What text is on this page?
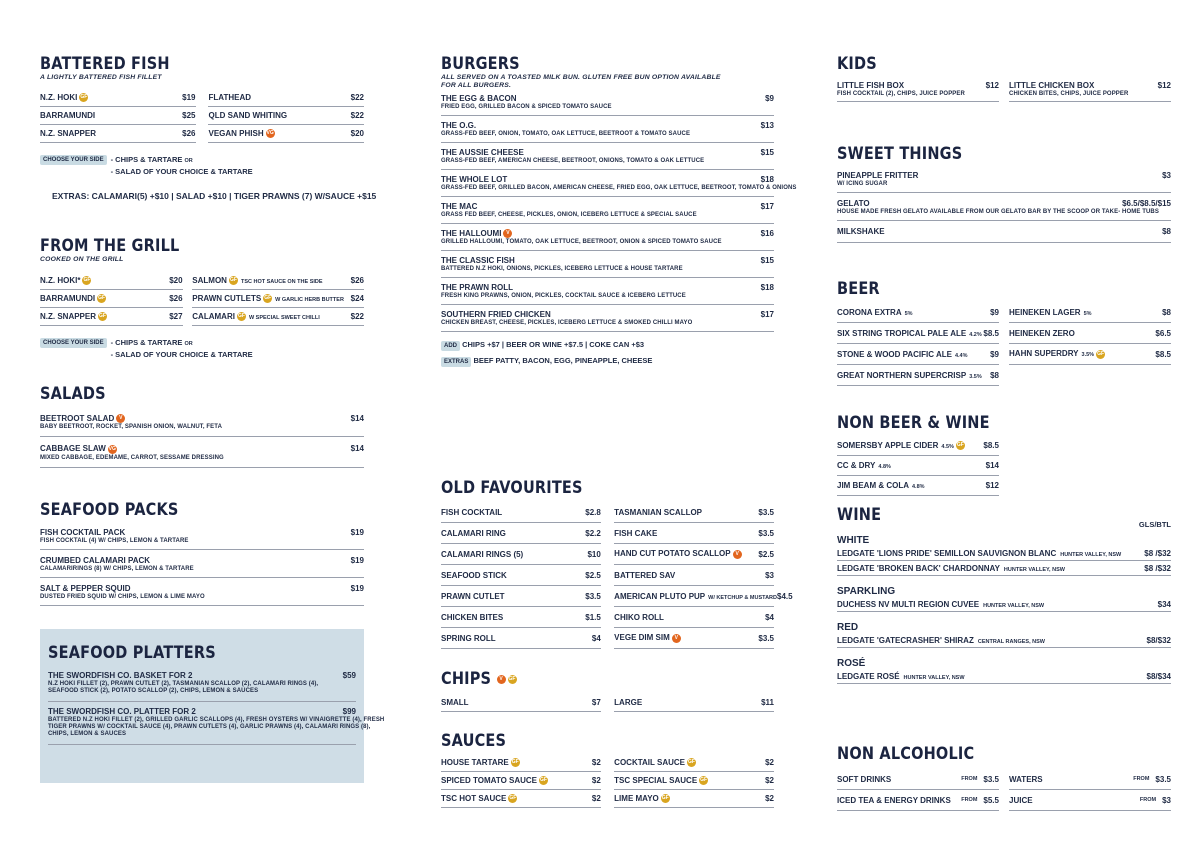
BATTERED FISH
A LIGHTLY BATTERED FISH FILLET
N.Z. HOKI GF	$19
BARRAMUNDI	$25
N.Z. SNAPPER	$26
FLATHEAD	$22
QLD SAND WHITING	$22
VEGAN PHISH VG	$20
CHOOSE YOUR SIDE - CHIPS & TARTARE OR
- SALAD OF YOUR CHOICE & TARTARE
EXTRAS: CALAMARI(5) +$10 | SALAD +$10 | TIGER PRAWNS (7) W/SAUCE +$15
FROM THE GRILL
COOKED ON THE GRILL
N.Z. HOKI* GF	$20
BARRAMUNDI GF	$26
N.Z. SNAPPER GF	$27
SALMON GF TSC HOT SAUCE ON THE SIDE	$26
PRAWN CUTLETS GF W GARLIC HERB BUTTER $24
CALAMARI GF W SPECIAL SWEET CHILLI	$22
CHOOSE YOUR SIDE - CHIPS & TARTARE OR
- SALAD OF YOUR CHOICE & TARTARE
SALADS
BEETROOT SALAD V	$14
BABY BEETROOT, ROCKET, SPANISH ONION, WALNUT, FETA
CABBAGE SLAW VG	$14
MIXED CABBAGE, EDEMAME, CARROT, SESSAME DRESSING
SEAFOOD PACKS
FISH COCKTAIL PACK	$19
FISH COCKTAIL (4) W/ CHIPS, LEMON & TARTARE
CRUMBED CALAMARI PACK	$19
CALAMARIRINGS (8) W/ CHIPS, LEMON & TARTARE
SALT & PEPPER SQUID	$19
DUSTED FRIED SQUID W/ CHIPS, LEMON & LIME MAYO
SEAFOOD PLATTERS
THE SWORDFISH CO. BASKET FOR 2	$59
N.Z HOKI FILLET (2), PRAWN CUTLET (2), TASMANIAN SCALLOP (2), CALAMARI RINGS (4),
SEAFOOD STICK (2), POTATO SCALLOP (2), CHIPS, LEMON & SAUCES
THE SWORDFISH CO. PLATTER FOR 2	$99
BATTERED N.Z HOKI FILLET (2), GRILLED GARLIC SCALLOPS (4), FRESH OYSTERS W/ VINAIGRETTE (4), FRESH
TIGER PRAWNS W/ COCKTAIL SAUCE (4), PRAWN CUTLETS (4), GARLIC PRAWNS (4), CALAMARI RINGS (8),
CHIPS, LEMON & SAUCES
BURGERS
ALL SERVED ON A TOASTED MILK BUN. GLUTEN FREE BUN OPTION AVAILABLE
FOR ALL BURGERS.
THE EGG & BACON	$9
FRIED EGG, GRILLED BACON & SPICED TOMATO SAUCE
THE O.G.	$13
GRASS-FED BEEF, ONION, TOMATO, OAK LETTUCE, BEETROOT & TOMATO SAUCE
THE AUSSIE CHEESE	$15
GRASS-FED BEEF, AMERICAN CHEESE, BEETROOT, ONIONS, TOMATO & OAK LETTUCE
THE WHOLE LOT	$18
GRASS-FED BEEF, GRILLED BACON, AMERICAN CHEESE, FRIED EGG, OAK LETTUCE, BEETROOT, TOMATO & ONIONS
THE MAC	$17
GRASS FED BEEF, CHEESE, PICKLES, ONION, ICEBERG LETTUCE & SPECIAL SAUCE
THE HALLOUMI V	$16
GRILLED HALLOUMI, TOMATO, OAK LETTUCE, BEETROOT, ONION & SPICED TOMATO SAUCE
THE CLASSIC FISH	$15
BATTERED N.Z HOKI, ONIONS, PICKLES, ICEBERG LETTUCE & HOUSE TARTARE
THE PRAWN ROLL	$18
FRESH KING PRAWNS, ONION, PICKLES, COCKTAIL SAUCE & ICEBERG LETTUCE
SOUTHERN FRIED CHICKEN	$17
CHICKEN BREAST, CHEESE, PICKLES, ICEBERG LETTUCE & SMOKED CHILLI MAYO
ADD CHIPS +$7 | BEER OR WINE +$7.5 | COKE CAN +$3
EXTRAS BEEF PATTY, BACON, EGG, PINEAPPLE, CHEESE
OLD FAVOURITES
FISH COCKTAIL	$2.8
CALAMARI RING	$2.2
CALAMARI RINGS (5)	$10
SEAFOOD STICK	$2.5
PRAWN CUTLET	$3.5
CHICKEN BITES	$1.5
SPRING ROLL	$4
TASMANIAN SCALLOP	$3.5
FISH CAKE	$3.5
HAND CUT POTATO SCALLOP V	$2.5
BATTERED SAV	$3
AMERICAN PLUTO PUP W/ KETCHUP & MUSTARD $4.5
CHIKO ROLL	$4
VEGE DIM SIM V	$3.5
CHIPS V GF
SMALL	$7 LARGE	$11
SAUCES
HOUSE TARTARE GF	$2
SPICED TOMATO SAUCE GF	$2
TSC HOT SAUCE GF	$2
COCKTAIL SAUCE GF	$2
TSC SPECIAL SAUCE GF	$2
LIME MAYO GF	$2
KIDS
LITTLE FISH BOX	$12
FISH COCKTAIL (2), CHIPS, JUICE POPPER
LITTLE CHICKEN BOX	$12
CHICKEN BITES, CHIPS, JUICE POPPER
SWEET THINGS
PINEAPPLE FRITTER	$3
W/ ICING SUGAR
GELATO	$6.5/$8.5/$15
HOUSE MADE FRESH GELATO AVAILABLE FROM OUR GELATO BAR BY THE SCOOP OR TAKE- HOME TUBS
MILKSHAKE	$8
BEER
CORONA EXTRA 5%	$9
SIX STRING TROPICAL PALE ALE 4.2% $8.5
STONE & WOOD PACIFIC ALE 4.4%	$9
GREAT NORTHERN SUPERCRISP 3.5%	$8
HEINEKEN LAGER 5%	$8
HEINEKEN ZERO	$6.5
HAHN SUPERDRY 3.5% GF	$8.5
NON BEER & WINE
SOMERSBY APPLE CIDER 4.5% GF	$8.5
CC & DRY 4.8%	$14
JIM BEAM & COLA 4.8%	$12
WINE
GLS/BTL
WHITE
LEDGATE 'LIONS PRIDE' SEMILLON SAUVIGNON BLANC HUNTER VALLEY, NSW	$8 /$32
LEDGATE 'BROKEN BACK' CHARDONNAY HUNTER VALLEY, NSW	$8 /$32
SPARKLING
DUCHESS NV MULTI REGION CUVEE HUNTER VALLEY, NSW	$34
RED
LEDGATE 'GATECRASHER' SHIRAZ CENTRAL RANGES, NSW	$8/$32
ROSÉ
LEDGATE ROSÉ HUNTER VALLEY, NSW	$8/$34
NON ALCOHOLIC
SOFT DRINKS	FROM $3.5
ICED TEA & ENERGY DRINKS	FROM $5.5
WATERS	FROM $3.5
JUICE	FROM $3
